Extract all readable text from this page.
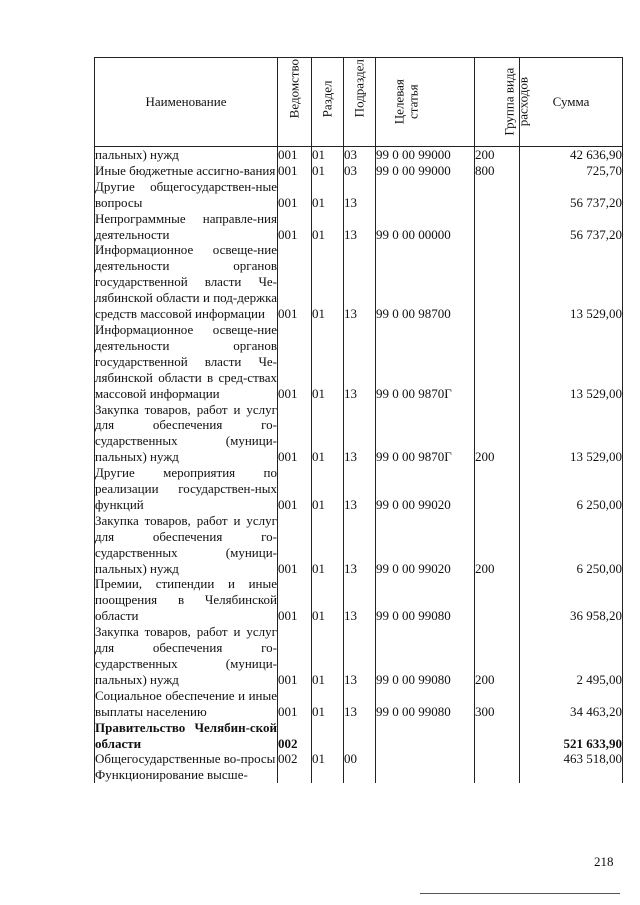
Наименование	Ведомство	Раздел	Подраздел	Целевая статья	Группа вида расходов	Сумма
пальных) нужд	001	01	03	99 0 00 99000	200	42 636,90
Иные бюджетные ассигно-вания	001	01	03	99 0 00 99000	800	725,70
Другие общегосударствен-ные вопросы	001	01	13			56 737,20
Непрограммные направле-ния деятельности	001	01	13	99 0 00 00000		56 737,20
Информационное освеще-ние деятельности органов государственной власти Че-лябинской области и под-держка средств массовой информации	001	01	13	99 0 00 98700		13 529,00
Информационное освеще-ние деятельности органов государственной власти Че-лябинской области в сред-ствах массовой информации	001	01	13	99 0 00 9870Г		13 529,00
Закупка товаров, работ и услуг для обеспечения го-сударственных (муници-пальных) нужд	001	01	13	99 0 00 9870Г	200	13 529,00
Другие мероприятия по реализации государствен-ных функций	001	01	13	99 0 00 99020		6 250,00
Закупка товаров, работ и услуг для обеспечения го-сударственных (муници-пальных) нужд	001	01	13	99 0 00 99020	200	6 250,00
Премии, стипендии и иные поощрения в Челябинской области	001	01	13	99 0 00 99080		36 958,20
Закупка товаров, работ и услуг для обеспечения го-сударственных (муници-пальных) нужд	001	01	13	99 0 00 99080	200	2 495,00
Социальное обеспечение и иные выплаты населению	001	01	13	99 0 00 99080	300	34 463,20
Правительство Челябин-ской области	002					521 633,90
Общегосударственные во-просы	002	01	00			463 518,00
Функционирование высше-						
218
